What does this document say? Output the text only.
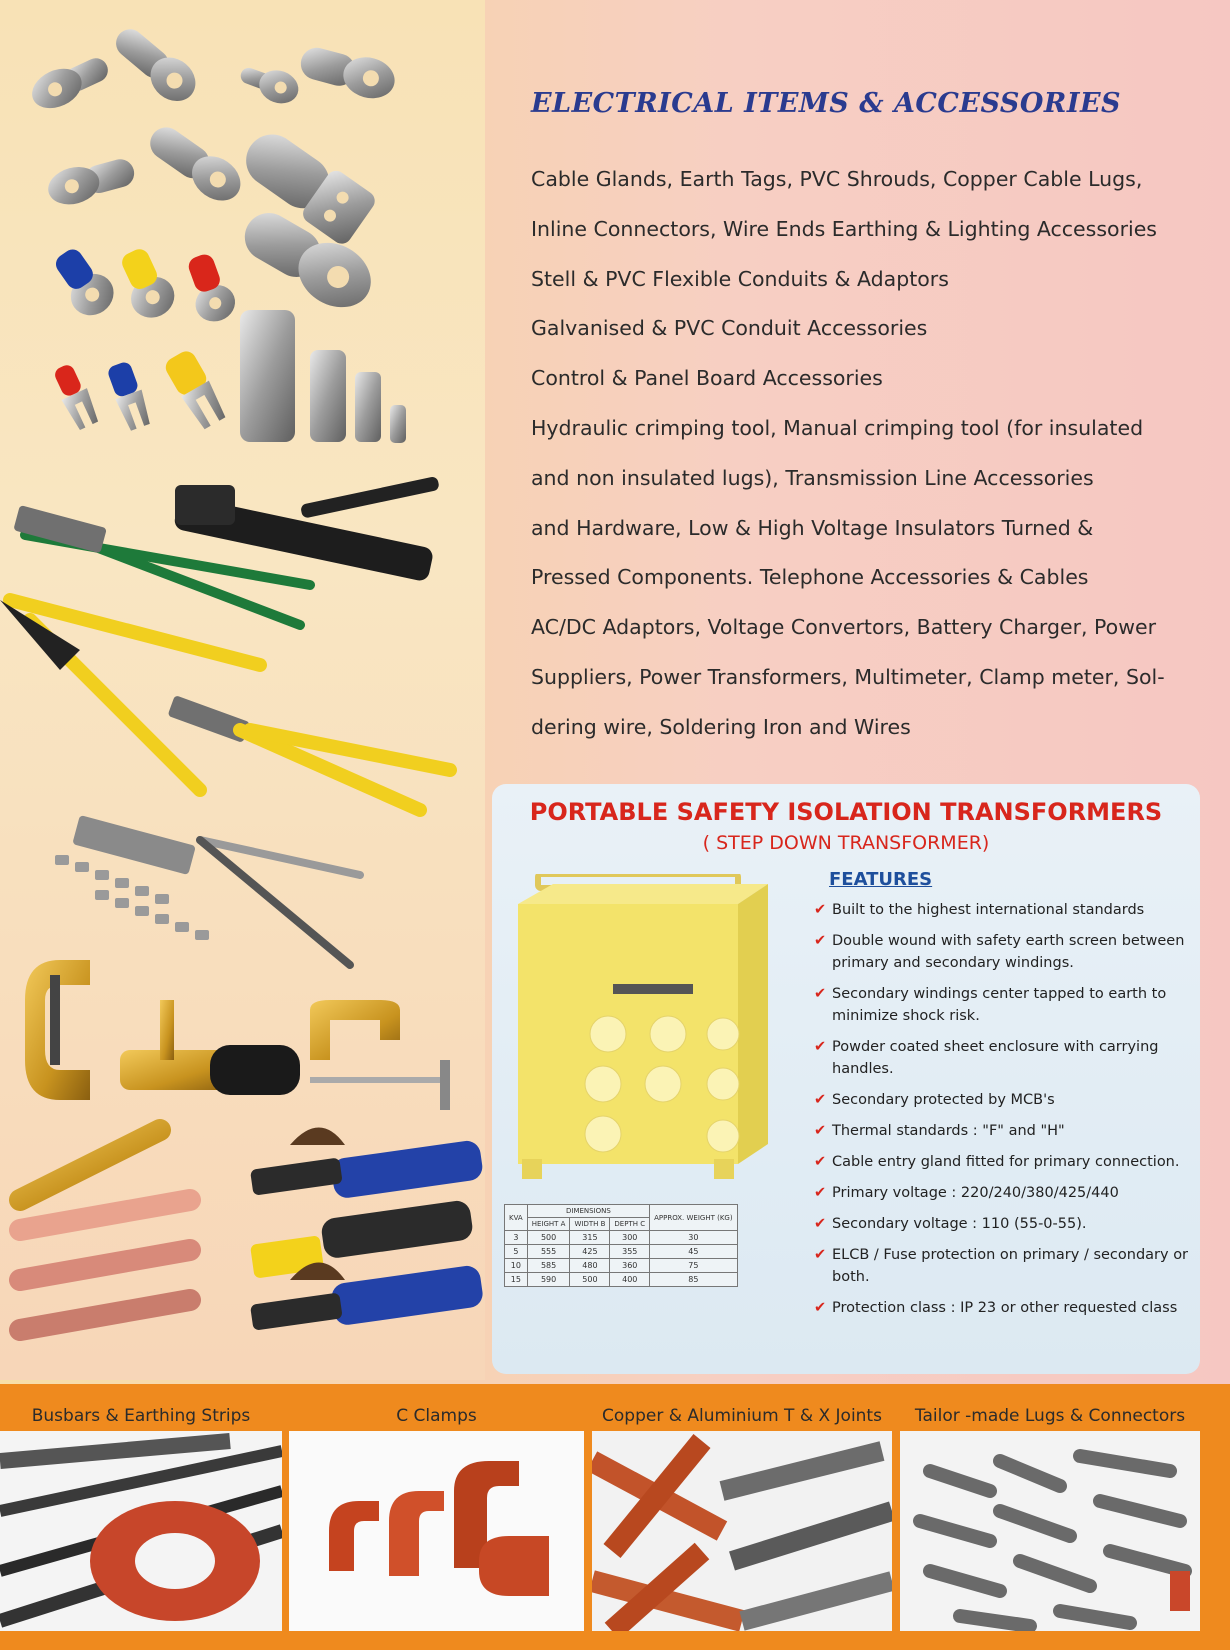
ELECTRICAL ITEMS & ACCESSORIES
Cable Glands, Earth Tags, PVC Shrouds, Copper Cable Lugs,
Inline Connectors, Wire Ends Earthing & Lighting Accessories
Stell & PVC Flexible Conduits & Adaptors
Galvanised & PVC Conduit Accessories
Control & Panel Board Accessories
Hydraulic crimping tool, Manual crimping tool (for insulated
and non insulated lugs), Transmission Line Accessories
and Hardware, Low & High Voltage Insulators Turned &
Pressed Components. Telephone Accessories & Cables
AC/DC Adaptors, Voltage Convertors, Battery Charger, Power
Suppliers, Power Transformers, Multimeter, Clamp meter, Sol-
dering wire, Soldering Iron and Wires
PORTABLE SAFETY ISOLATION TRANSFORMERS
( STEP DOWN TRANSFORMER)
KVA	DIMENSIONS			APPROX. WEIGHT (KG)
	HEIGHT A	WIDTH B	DEPTH C	
3	500	315	300	30
5	555	425	355	45
10	585	480	360	75
15	590	500	400	85
FEATURES
✔ Built to the highest international standards
✔ Double wound with safety earth screen between primary and secondary windings.
✔ Secondary windings center tapped to earth to minimize shock risk.
✔ Powder coated sheet enclosure with carrying handles.
✔ Secondary protected by MCB's
✔ Thermal standards : "F" and "H"
✔ Cable entry gland fitted for primary connection.
✔ Primary voltage : 220/240/380/425/440
✔ Secondary voltage : 110 (55-0-55).
✔ ELCB / Fuse protection on primary / secondary or both.
✔ Protection class : IP 23 or other requested class
Busbars & Earthing Strips	C Clamps	Copper & Aluminium T & X Joints	Tailor -made Lugs & Connectors
